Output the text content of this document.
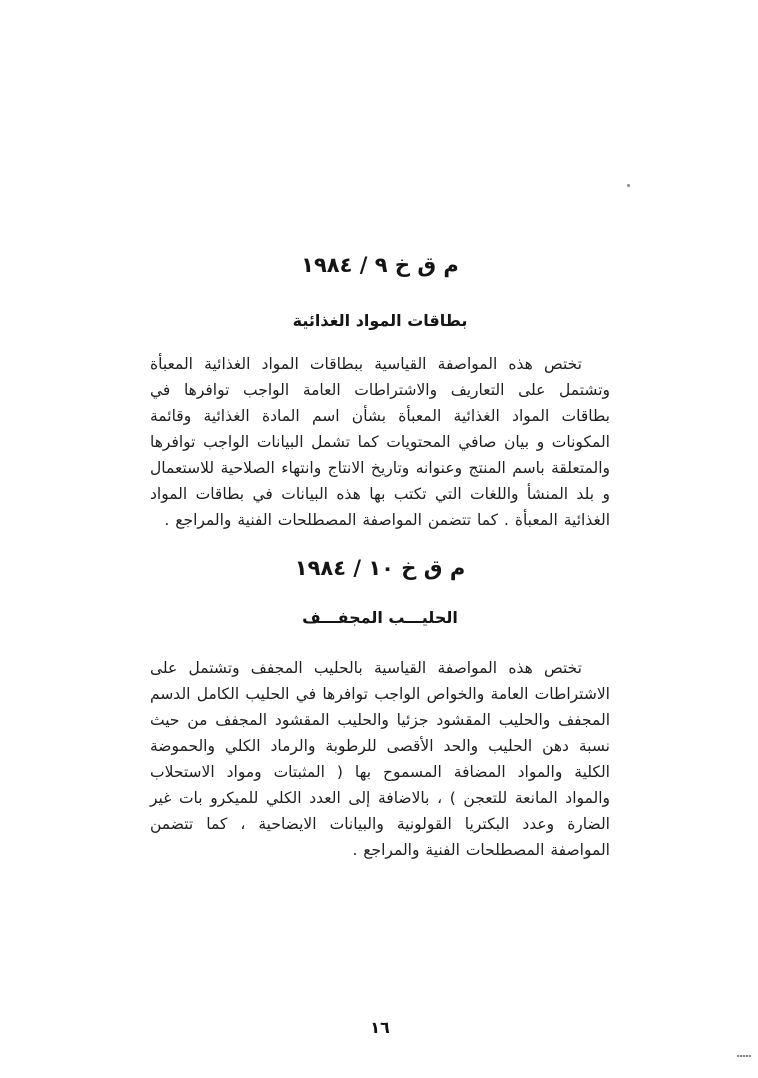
م ق خ ٩ / ١٩٨٤
بطاقات المواد الغذائية
تختص هذه المواصفة القياسية ببطاقات المواد الغذائية المعبأة وتشتمل على التعاريف والاشتراطات العامة الواجب توافرها في بطاقات المواد الغذائية المعبأة بشأن اسم المادة الغذائية وقائمة المكونات و بيان صافي المحتويات كما تشمل البيانات الواجب توافرها والمتعلقة باسم المنتج وعنوانه وتاريخ الانتاج وانتهاء الصلاحية للاستعمال و بلد المنشأ واللغات التي تكتب بها هذه البيانات في بطاقات المواد الغذائية المعبأة . كما تتضمن المواصفة المصطلحات الفنية والمراجع .
م ق خ ١٠ / ١٩٨٤
الحليـــب المجفـــف
تختص هذه المواصفة القياسية بالحليب المجفف وتشتمل على الاشتراطات العامة والخواص الواجب توافرها في الحليب الكامل الدسم المجفف والحليب المقشود جزئيا والحليب المقشود المجفف من حيث نسبة دهن الحليب والحد الأقصى للرطوبة والرماد الكلي والحموضة الكلية والمواد المضافة المسموح بها ( المثبتات ومواد الاستحلاب والمواد المانعة للتعجن ) ، بالاضافة إلى العدد الكلي للميكرو بات غير الضارة وعدد البكتريا القولونية والبيانات الايضاحية ، كما تتضمن المواصفة المصطلحات الفنية والمراجع .
١٦
